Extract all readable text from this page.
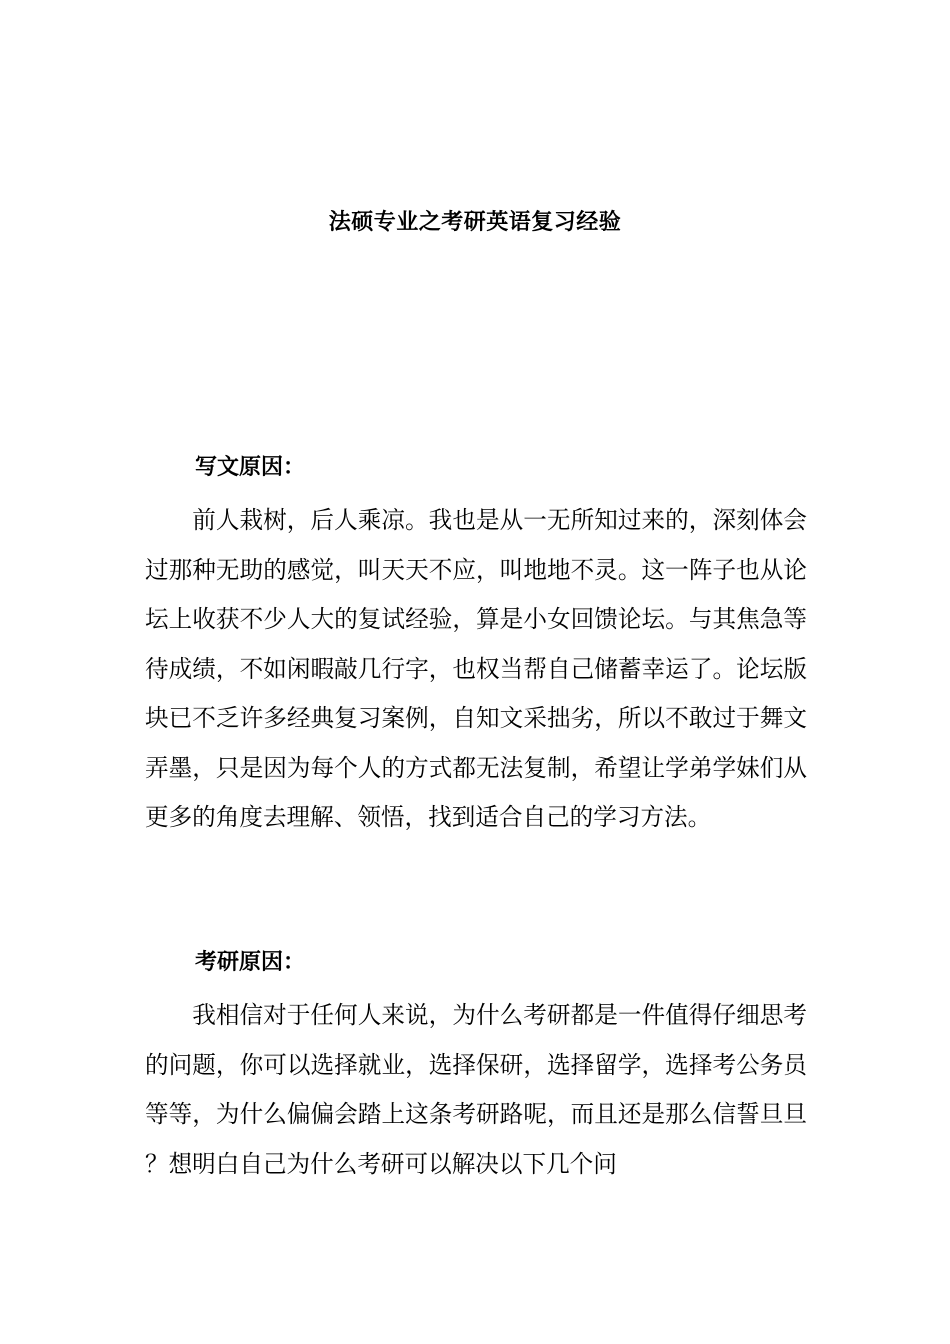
法硕专业之考研英语复习经验
写文原因：

前人栽树，后人乘凉。我也是从一无所知过来的，深刻体会过那种无助的感觉，叫天天不应，叫地地不灵。这一阵子也从论坛上收获不少人大的复试经验，算是小女回馈论坛。与其焦急等待成绩，不如闲暇敲几行字，也权当帮自己储蓄幸运了。论坛版块已不乏许多经典复习案例，自知文采拙劣，所以不敢过于舞文弄墨，只是因为每个人的方式都无法复制，希望让学弟学妹们从更多的角度去理解、领悟，找到适合自己的学习方法。

考研原因：

我相信对于任何人来说，为什么考研都是一件值得仔细思考的问题，你可以选择就业，选择保研，选择留学，选择考公务员等等，为什么偏偏会踏上这条考研路呢，而且还是那么信誓旦旦？想明白自己为什么考研可以解决以下几个问
